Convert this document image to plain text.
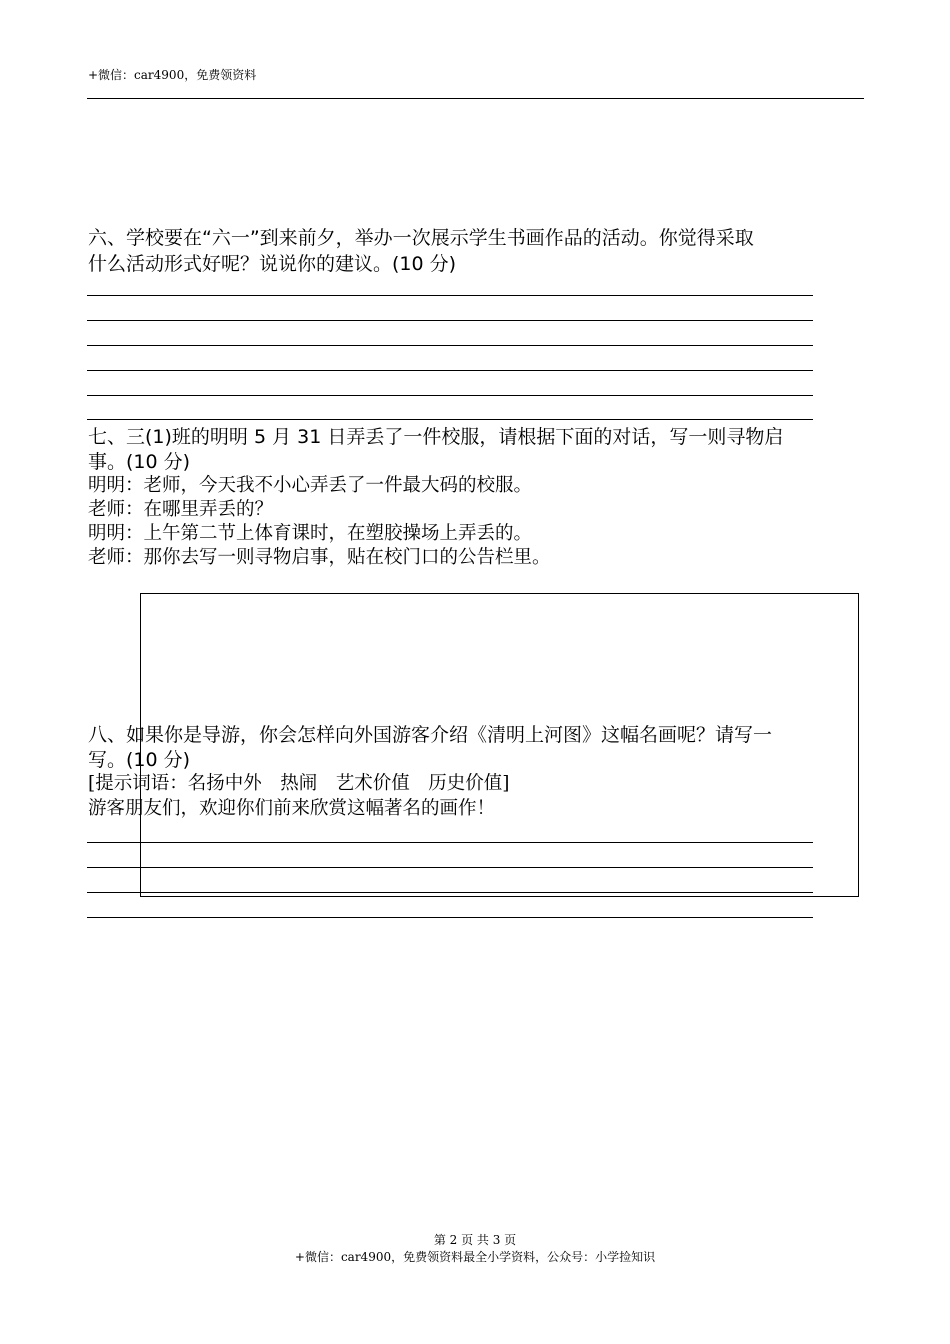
+微信：car4900，免费领资料
六、学校要在“六一”到来前夕，举办一次展示学生书画作品的活动。你觉得采取
什么活动形式好呢？说说你的建议。(10 分)
七、三(1)班的明明 5 月 31 日弄丢了一件校服，请根据下面的对话，写一则寻物启
事。(10 分)
明明：老师，今天我不小心弄丢了一件最大码的校服。
老师：在哪里弄丢的？
明明：上午第二节上体育课时，在塑胶操场上弄丢的。
老师：那你去写一则寻物启事，贴在校门口的公告栏里。
八、如果你是导游，你会怎样向外国游客介绍《清明上河图》这幅名画呢？请写一
写。(10 分)
[提示词语：名扬中外　热闹　艺术价值　历史价值]
游客朋友们，欢迎你们前来欣赏这幅著名的画作！
第 2 页 共 3 页
+微信：car4900，免费领资料最全小学资料，公众号：小学捡知识
